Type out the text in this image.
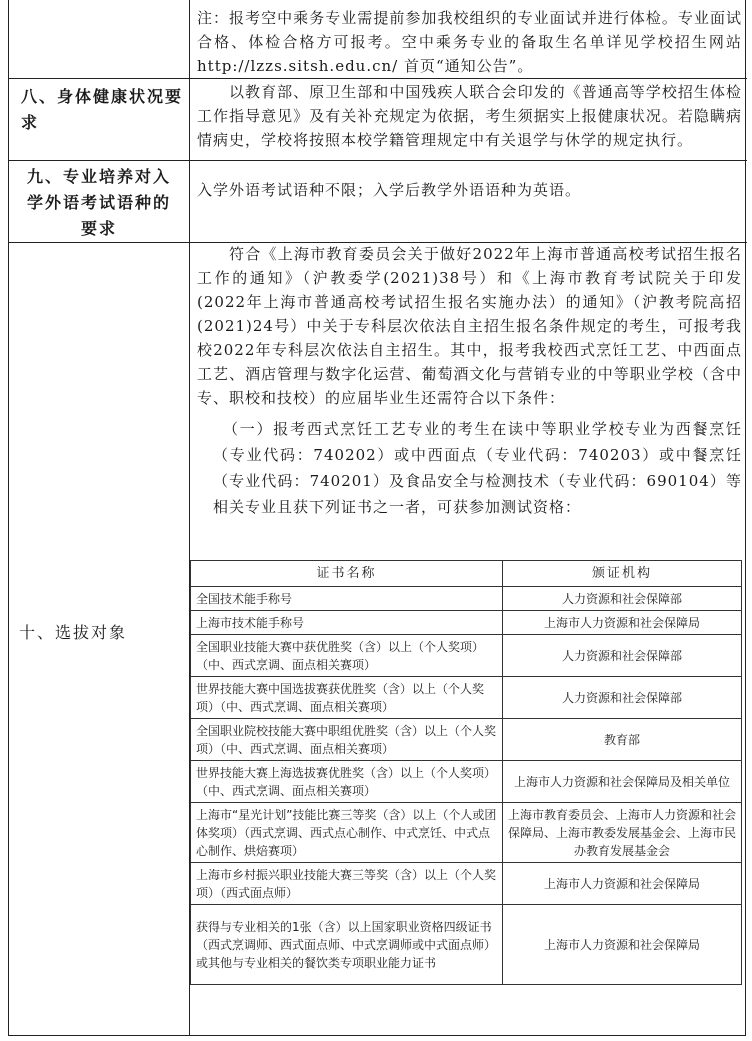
注：报考空中乘务专业需提前参加我校组织的专业面试并进行体检。专业面试合格、体检合格方可报考。空中乘务专业的备取生名单详见学校招生网站 http://lzzs.sitsh.edu.cn/ 首页“通知公告”。

八、身体健康状况要求

以教育部、原卫生部和中国残疾人联合会印发的《普通高等学校招生体检工作指导意见》及有关补充规定为依据，考生须据实上报健康状况。若隐瞒病情病史，学校将按照本校学籍管理规定中有关退学与休学的规定执行。

九、专业培养对入学外语考试语种的要求

入学外语考试语种不限；入学后教学外语语种为英语。

十、选拔对象

符合《上海市教育委员会关于做好2022年上海市普通高校考试招生报名工作的通知》（沪教委学(2021)38号）和《上海市教育考试院关于印发(2022年上海市普通高校考试招生报名实施办法）的通知》（沪教考院高招(2021)24号）中关于专科层次依法自主招生报名条件规定的考生，可报考我校2022年专科层次依法自主招生。其中，报考我校西式烹饪工艺、中西面点工艺、酒店管理与数字化运营、葡萄酒文化与营销专业的中等职业学校（含中专、职校和技校）的应届毕业生还需符合以下条件：

（一）报考西式烹饪工艺专业的考生在读中等职业学校专业为西餐烹饪（专业代码：740202）或中西面点（专业代码：740203）或中餐烹饪（专业代码：740201）及食品安全与检测技术（专业代码：690104）等相关专业且获下列证书之一者，可获参加测试资格：

证书名称	颁证机构
全国技术能手称号	人力资源和社会保障部
上海市技术能手称号	上海市人力资源和社会保障局
全国职业技能大赛中获优胜奖（含）以上（个人奖项）（中、西式烹调、面点相关赛项）	人力资源和社会保障部
世界技能大赛中国选拔赛获优胜奖（含）以上（个人奖项）（中、西式烹调、面点相关赛项）	人力资源和社会保障部
全国职业院校技能大赛中职组优胜奖（含）以上（个人奖项）（中、西式烹调、面点相关赛项）	教育部
世界技能大赛上海选拔赛优胜奖（含）以上（个人奖项）（中、西式烹调、面点相关赛项）	上海市人力资源和社会保障局及相关单位
上海市“星光计划”技能比赛三等奖（含）以上（个人或团体奖项）（西式烹调、西式点心制作、中式烹饪、中式点心制作、烘焙赛项）	上海市教育委员会、上海市人力资源和社会保障局、上海市教委发展基金会、上海市民办教育发展基金会
上海市乡村振兴职业技能大赛三等奖（含）以上（个人奖项）（西式面点师）	上海市人力资源和社会保障局
获得与专业相关的1张（含）以上国家职业资格四级证书（西式烹调师、西式面点师、中式烹调师或中式面点师）或其他与专业相关的餐饮类专项职业能力证书	上海市人力资源和社会保障局
